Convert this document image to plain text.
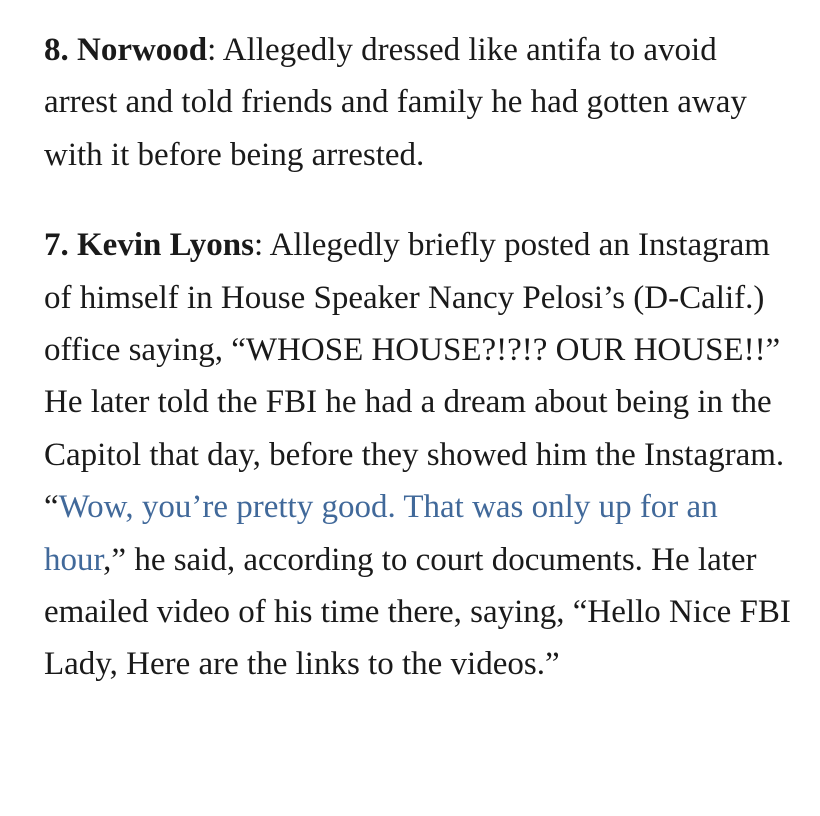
8. Norwood: Allegedly dressed like antifa to avoid arrest and told friends and family he had gotten away with it before being arrested.

7. Kevin Lyons: Allegedly briefly posted an Instagram of himself in House Speaker Nancy Pelosi’s (D-Calif.) office saying, “WHOSE HOUSE?!?!? OUR HOUSE!!” He later told the FBI he had a dream about being in the Capitol that day, before they showed him the Instagram. “Wow, you’re pretty good. That was only up for an hour,” he said, according to court documents. He later emailed video of his time there, saying, “Hello Nice FBI Lady, Here are the links to the videos.”
